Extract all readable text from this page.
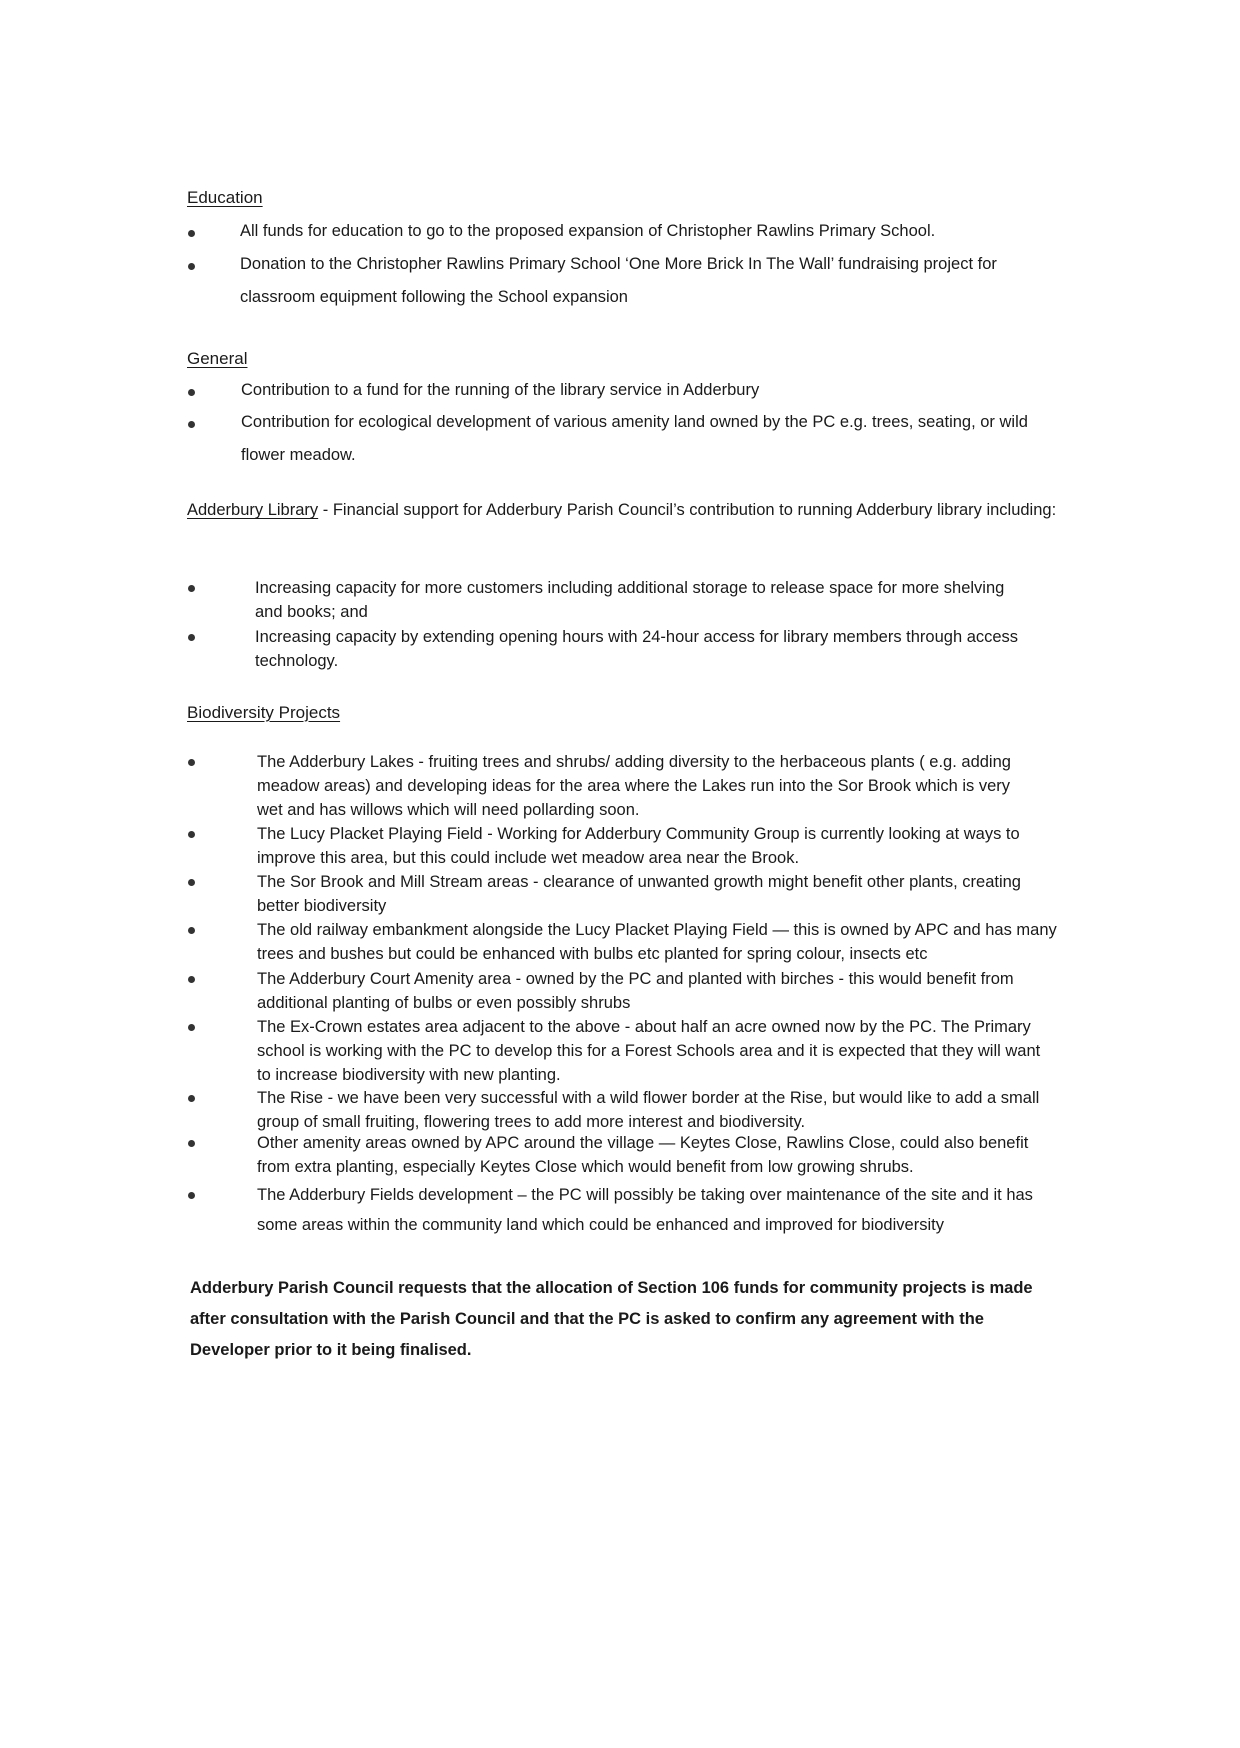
Education
All funds for education to go to the proposed expansion of Christopher Rawlins Primary School.
Donation to the Christopher Rawlins Primary School ‘One More Brick In The Wall’ fundraising project for classroom equipment following the School expansion
General
Contribution to a fund for the running of the library service in Adderbury
Contribution for ecological development of various amenity land owned by the PC e.g. trees, seating, or wild flower meadow.

Adderbury Library - Financial support for Adderbury Parish Council’s contribution to running Adderbury library including:

Increasing capacity for more customers including additional storage to release space for more shelving and books; and
Increasing capacity by extending opening hours with 24-hour access for library members through access technology.
Biodiversity Projects
The Adderbury Lakes - fruiting trees and shrubs/ adding diversity to the herbaceous plants ( e.g. adding meadow areas) and developing ideas for the area where the Lakes run into the Sor Brook which is very wet and has willows which will need pollarding soon.
The Lucy Placket Playing Field - Working for Adderbury Community Group is currently looking at ways to improve this area, but this could include wet meadow area near the Brook.
The Sor Brook and Mill Stream areas - clearance of unwanted growth might benefit other plants, creating better biodiversity
The old railway embankment alongside the Lucy Placket Playing Field — this is owned by APC and has many trees and bushes but could be enhanced with bulbs etc planted for spring colour, insects etc
The Adderbury Court Amenity area - owned by the PC and planted with birches - this would benefit from additional planting of bulbs or even possibly shrubs
The Ex-Crown estates area adjacent to the above - about half an acre owned now by the PC. The Primary school is working with the PC to develop this for a Forest Schools area and it is expected that they will want to increase biodiversity with new planting.
The Rise - we have been very successful with a wild flower border at the Rise, but would like to add a small group of small fruiting, flowering trees to add more interest and biodiversity.
Other amenity areas owned by APC around the village — Keytes Close, Rawlins Close, could also benefit from extra planting, especially Keytes Close which would benefit from low growing shrubs.
The Adderbury Fields development – the PC will possibly be taking over maintenance of the site and it has some areas within the community land which could be enhanced and improved for biodiversity

Adderbury Parish Council requests that the allocation of Section 106 funds for community projects is made after consultation with the Parish Council and that the PC is asked to confirm any agreement with the Developer prior to it being finalised.
